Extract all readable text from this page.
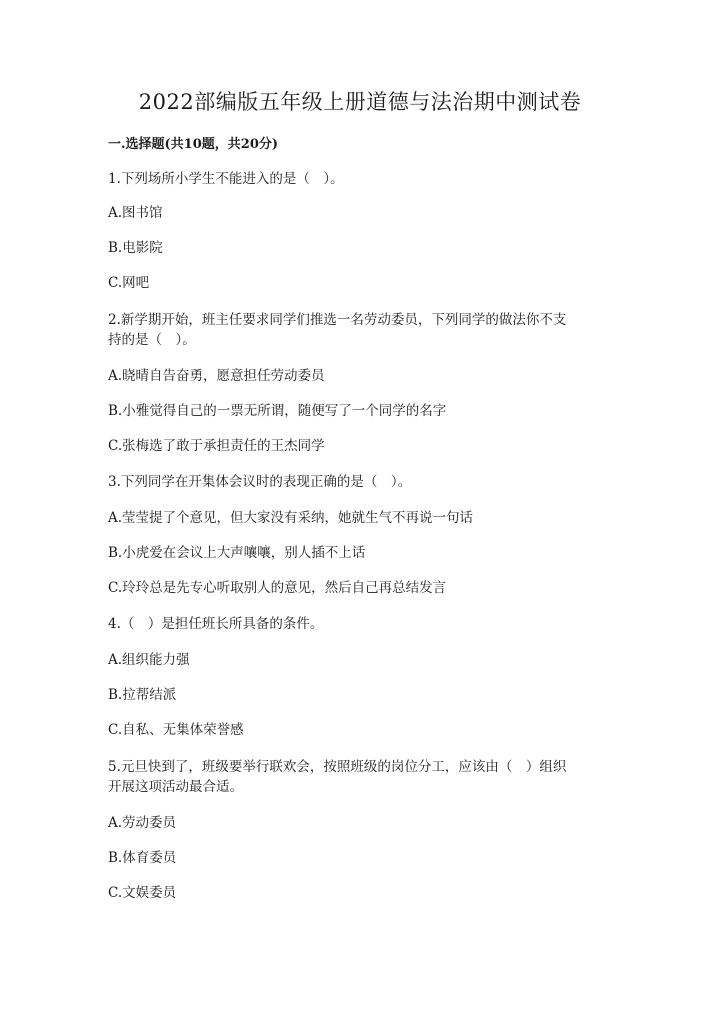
2022部编版五年级上册道德与法治期中测试卷
一.选择题(共10题，共20分)
1.下列场所小学生不能进入的是（　）。
A.图书馆
B.电影院
C.网吧
2.新学期开始，班主任要求同学们推选一名劳动委员，下列同学的做法你不支
持的是（　）。
A.晓晴自告奋勇，愿意担任劳动委员
B.小雅觉得自己的一票无所谓，随便写了一个同学的名字
C.张梅选了敢于承担责任的王杰同学
3.下列同学在开集体会议时的表现正确的是（　）。
A.莹莹提了个意见，但大家没有采纳，她就生气不再说一句话
B.小虎爱在会议上大声嚷嚷，别人插不上话
C.玲玲总是先专心听取别人的意见，然后自己再总结发言
4.（　）是担任班长所具备的条件。
A.组织能力强
B.拉帮结派
C.自私、无集体荣誉感
5.元旦快到了，班级要举行联欢会，按照班级的岗位分工，应该由（　）组织
开展这项活动最合适。
A.劳动委员
B.体育委员
C.文娱委员
